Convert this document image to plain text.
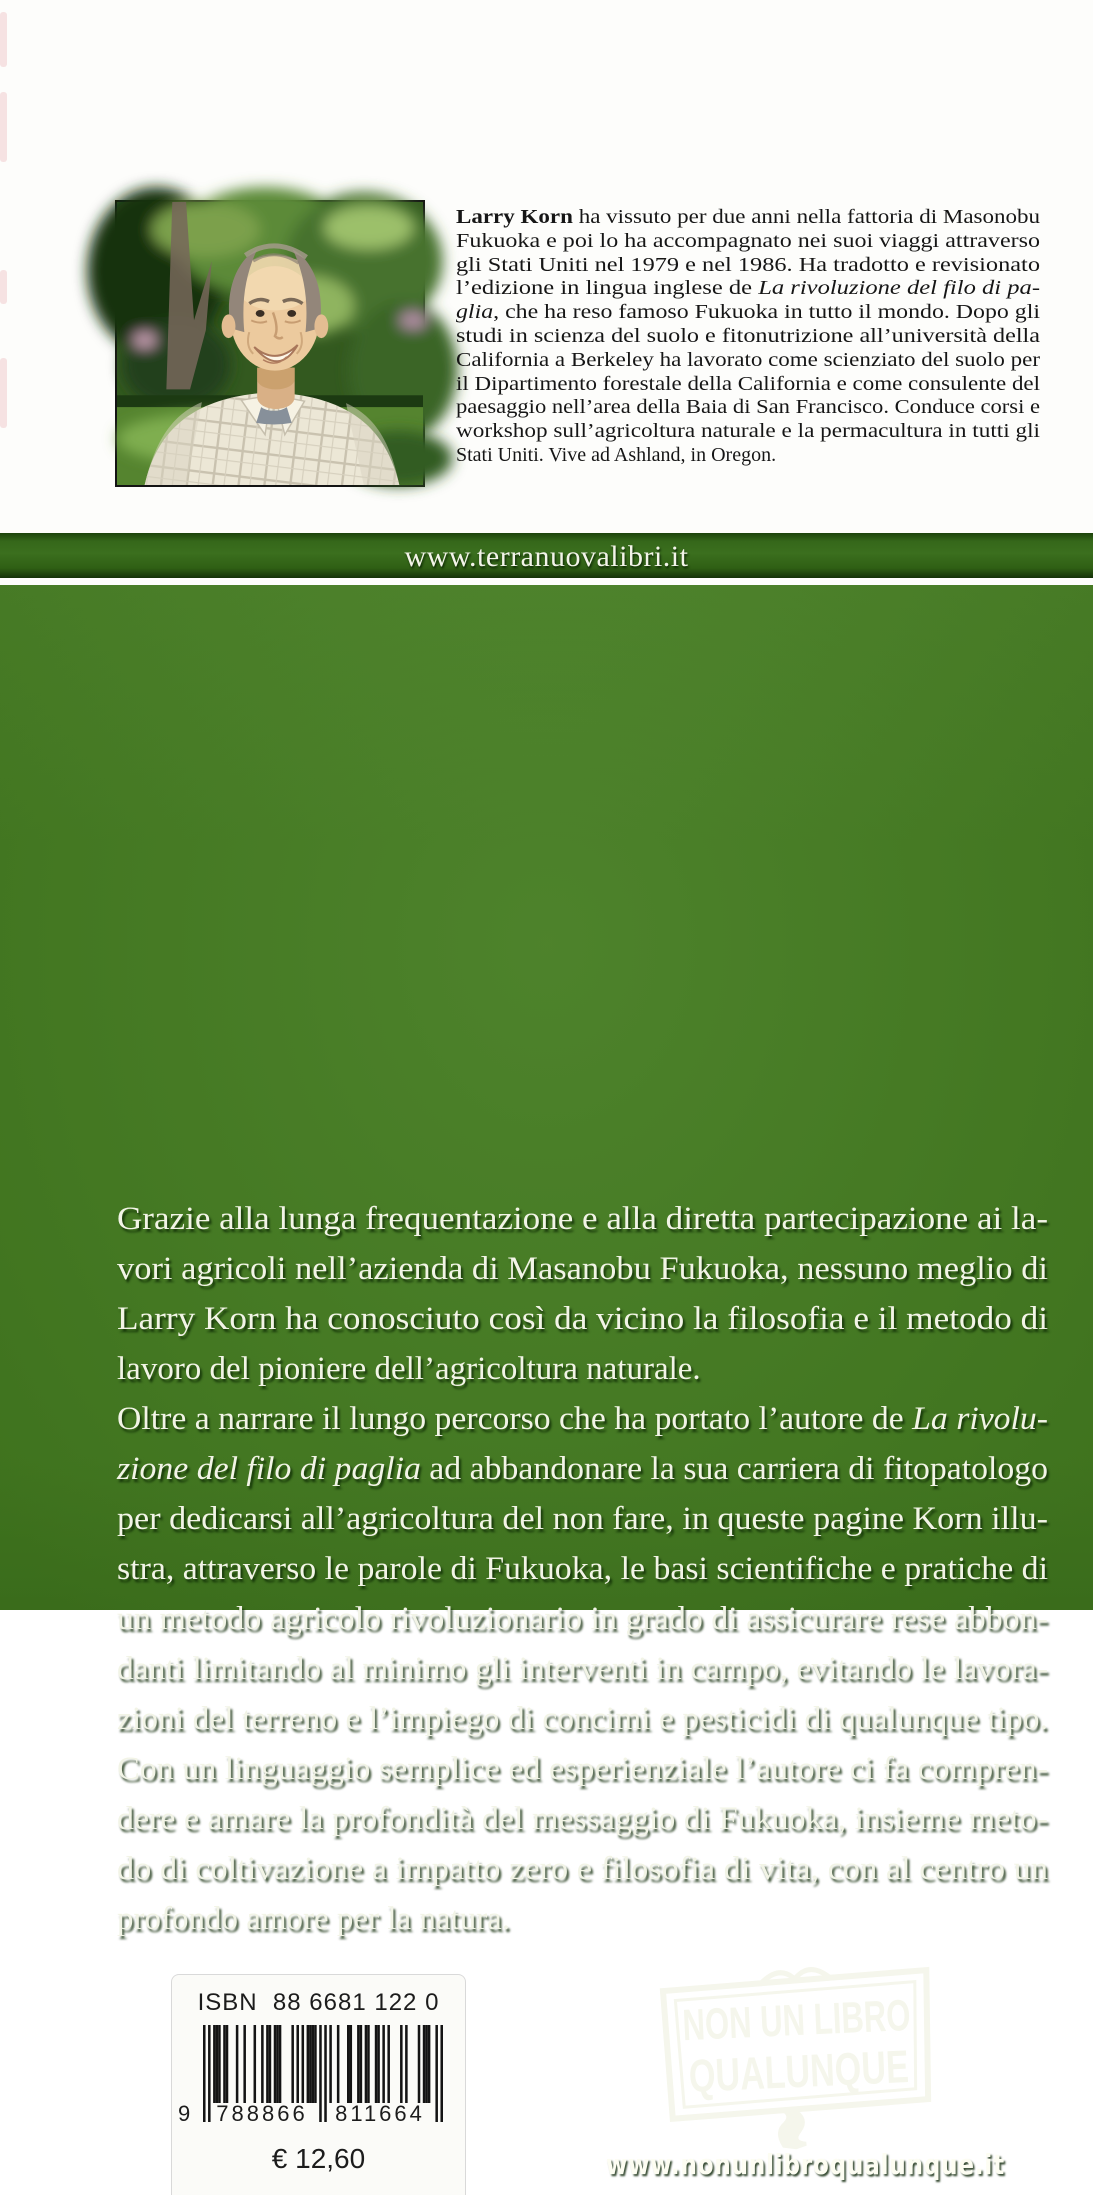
Larry Korn ha vissuto per due anni nella fattoria di Masonobu
Fukuoka e poi lo ha accompagnato nei suoi viaggi attraverso
gli Stati Uniti nel 1979 e nel 1986. Ha tradotto e revisionato
l’edizione in lingua inglese de La rivoluzione del filo di pa-
glia, che ha reso famoso Fukuoka in tutto il mondo. Dopo gli
studi in scienza del suolo e fitonutrizione all’università della
California a Berkeley ha lavorato come scienziato del suolo per
il Dipartimento forestale della California e come consulente del
paesaggio nell’area della Baia di San Francisco. Conduce corsi e
workshop sull’agricoltura naturale e la permacultura in tutti gli
Stati Uniti. Vive ad Ashland, in Oregon.
www.terranuovalibri.it
Grazie alla lunga frequentazione e alla diretta partecipazione ai la-
vori agricoli nell’azienda di Masanobu Fukuoka, nessuno meglio di
Larry Korn ha conosciuto così da vicino la filosofia e il metodo di
lavoro del pioniere dell’agricoltura naturale.
Oltre a narrare il lungo percorso che ha portato l’autore de La rivolu-
zione del filo di paglia ad abbandonare la sua carriera di fitopatologo
per dedicarsi all’agricoltura del non fare, in queste pagine Korn illu-
stra, attraverso le parole di Fukuoka, le basi scientifiche e pratiche di
un metodo agricolo rivoluzionario in grado di assicurare rese abbon-
danti limitando al minimo gli interventi in campo, evitando le lavora-
zioni del terreno e l’impiego di concimi e pesticidi di qualunque tipo.
Con un linguaggio semplice ed esperienziale l’autore ci fa compren-
dere e amare la profondità del messaggio di Fukuoka, insieme meto-
do di coltivazione a impatto zero e filosofia di vita, con al centro un
profondo amore per la natura.
ISBN  88 6681 122 0
9 788866 811664
€ 12,60
NON UN LIBRO
QUALUNQUE
www.nonunlibroqualunque.it
